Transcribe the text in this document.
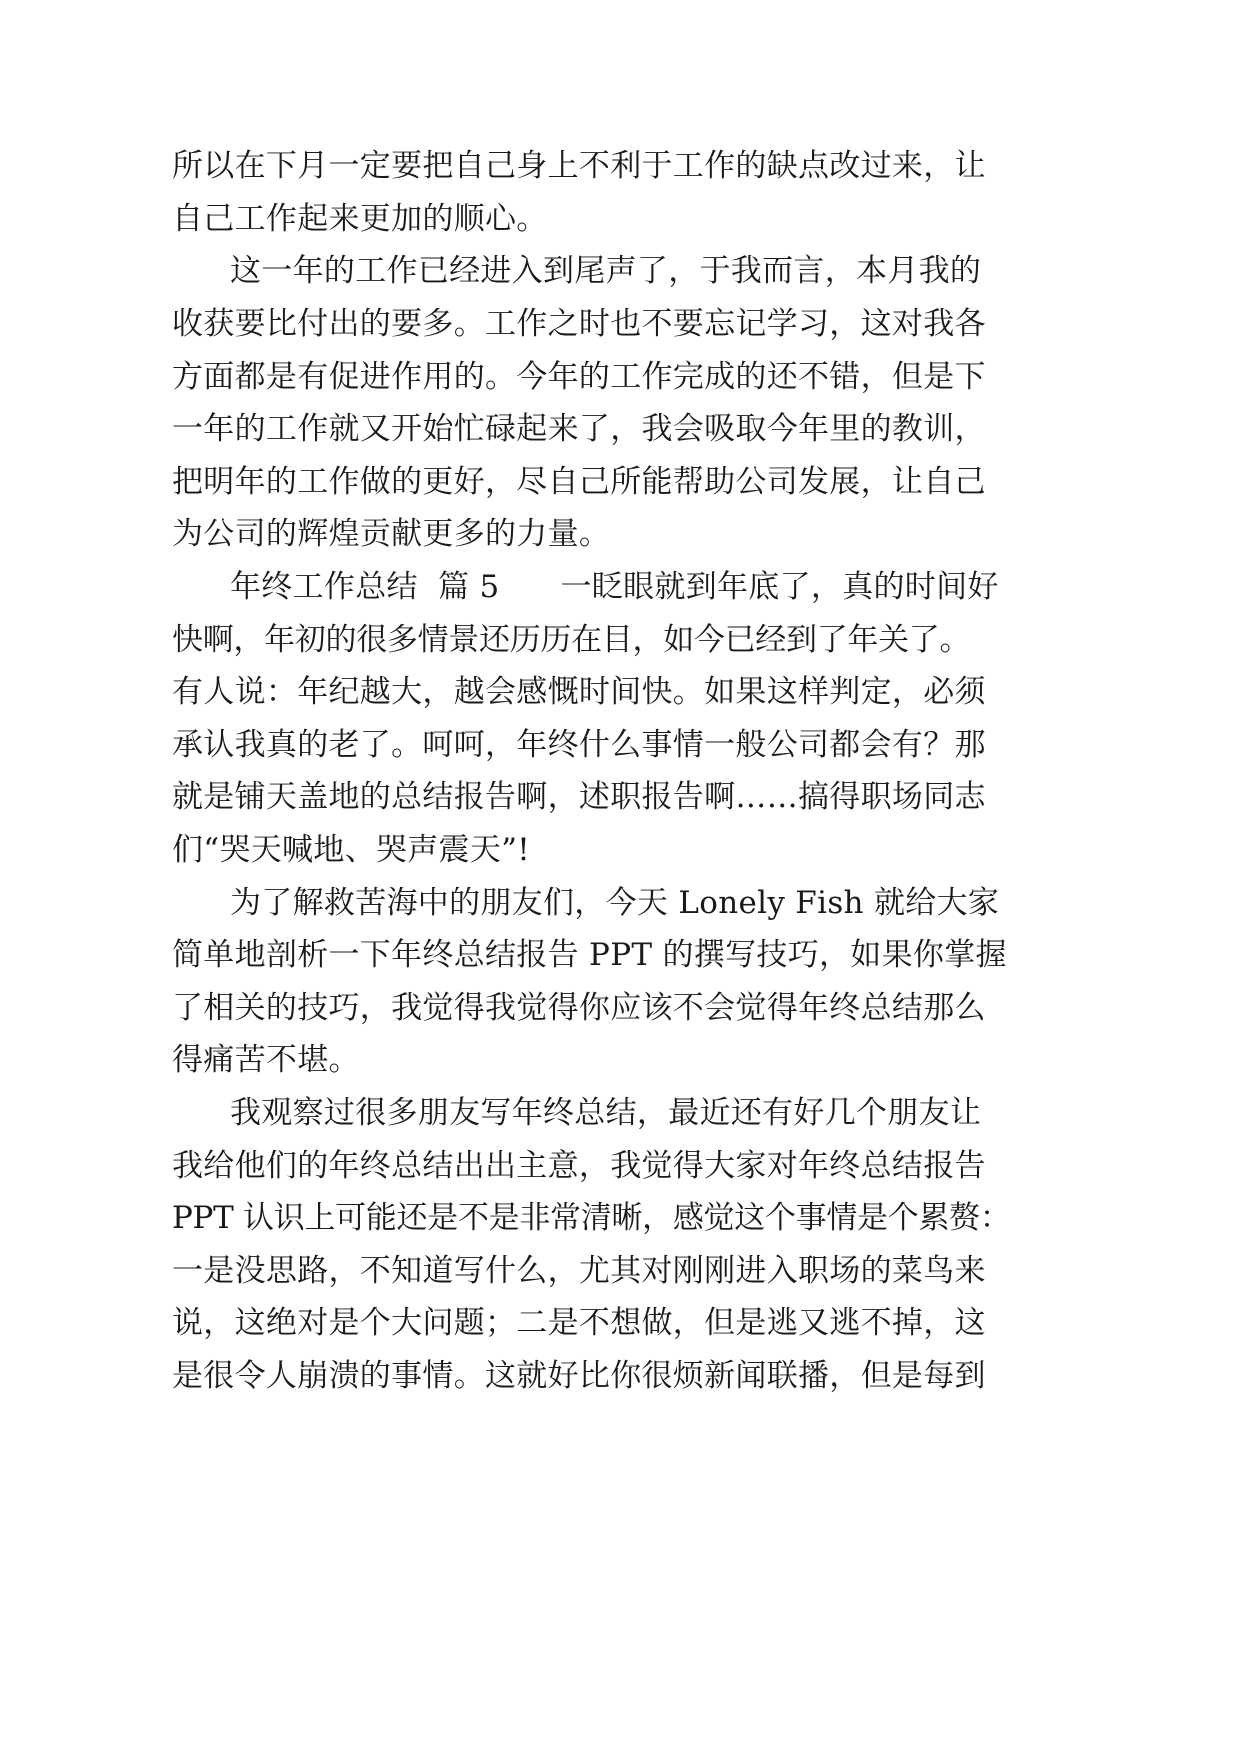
所以在下月一定要把自己身上不利于工作的缺点改过来，让
自己工作起来更加的顺心。
这一年的工作已经进入到尾声了，于我而言，本月我的
收获要比付出的要多。工作之时也不要忘记学习，这对我各
方面都是有促进作用的。今年的工作完成的还不错，但是下
一年的工作就又开始忙碌起来了，我会吸取今年里的教训，
把明年的工作做的更好，尽自己所能帮助公司发展，让自己
为公司的辉煌贡献更多的力量。
年终工作总结  篇 5      一眨眼就到年底了，真的时间好
快啊，年初的很多情景还历历在目，如今已经到了年关了。
有人说：年纪越大，越会感慨时间快。如果这样判定，必须
承认我真的老了。呵呵，年终什么事情一般公司都会有？那
就是铺天盖地的总结报告啊，述职报告啊……搞得职场同志
们“哭天喊地、哭声震天”!
为了解救苦海中的朋友们，今天 Lonely Fish 就给大家
简单地剖析一下年终总结报告 PPT 的撰写技巧，如果你掌握
了相关的技巧，我觉得我觉得你应该不会觉得年终总结那么
得痛苦不堪。
我观察过很多朋友写年终总结，最近还有好几个朋友让
我给他们的年终总结出出主意，我觉得大家对年终总结报告
PPT 认识上可能还是不是非常清晰，感觉这个事情是个累赘：
一是没思路，不知道写什么，尤其对刚刚进入职场的菜鸟来
说，这绝对是个大问题；二是不想做，但是逃又逃不掉，这
是很令人崩溃的事情。这就好比你很烦新闻联播，但是每到
